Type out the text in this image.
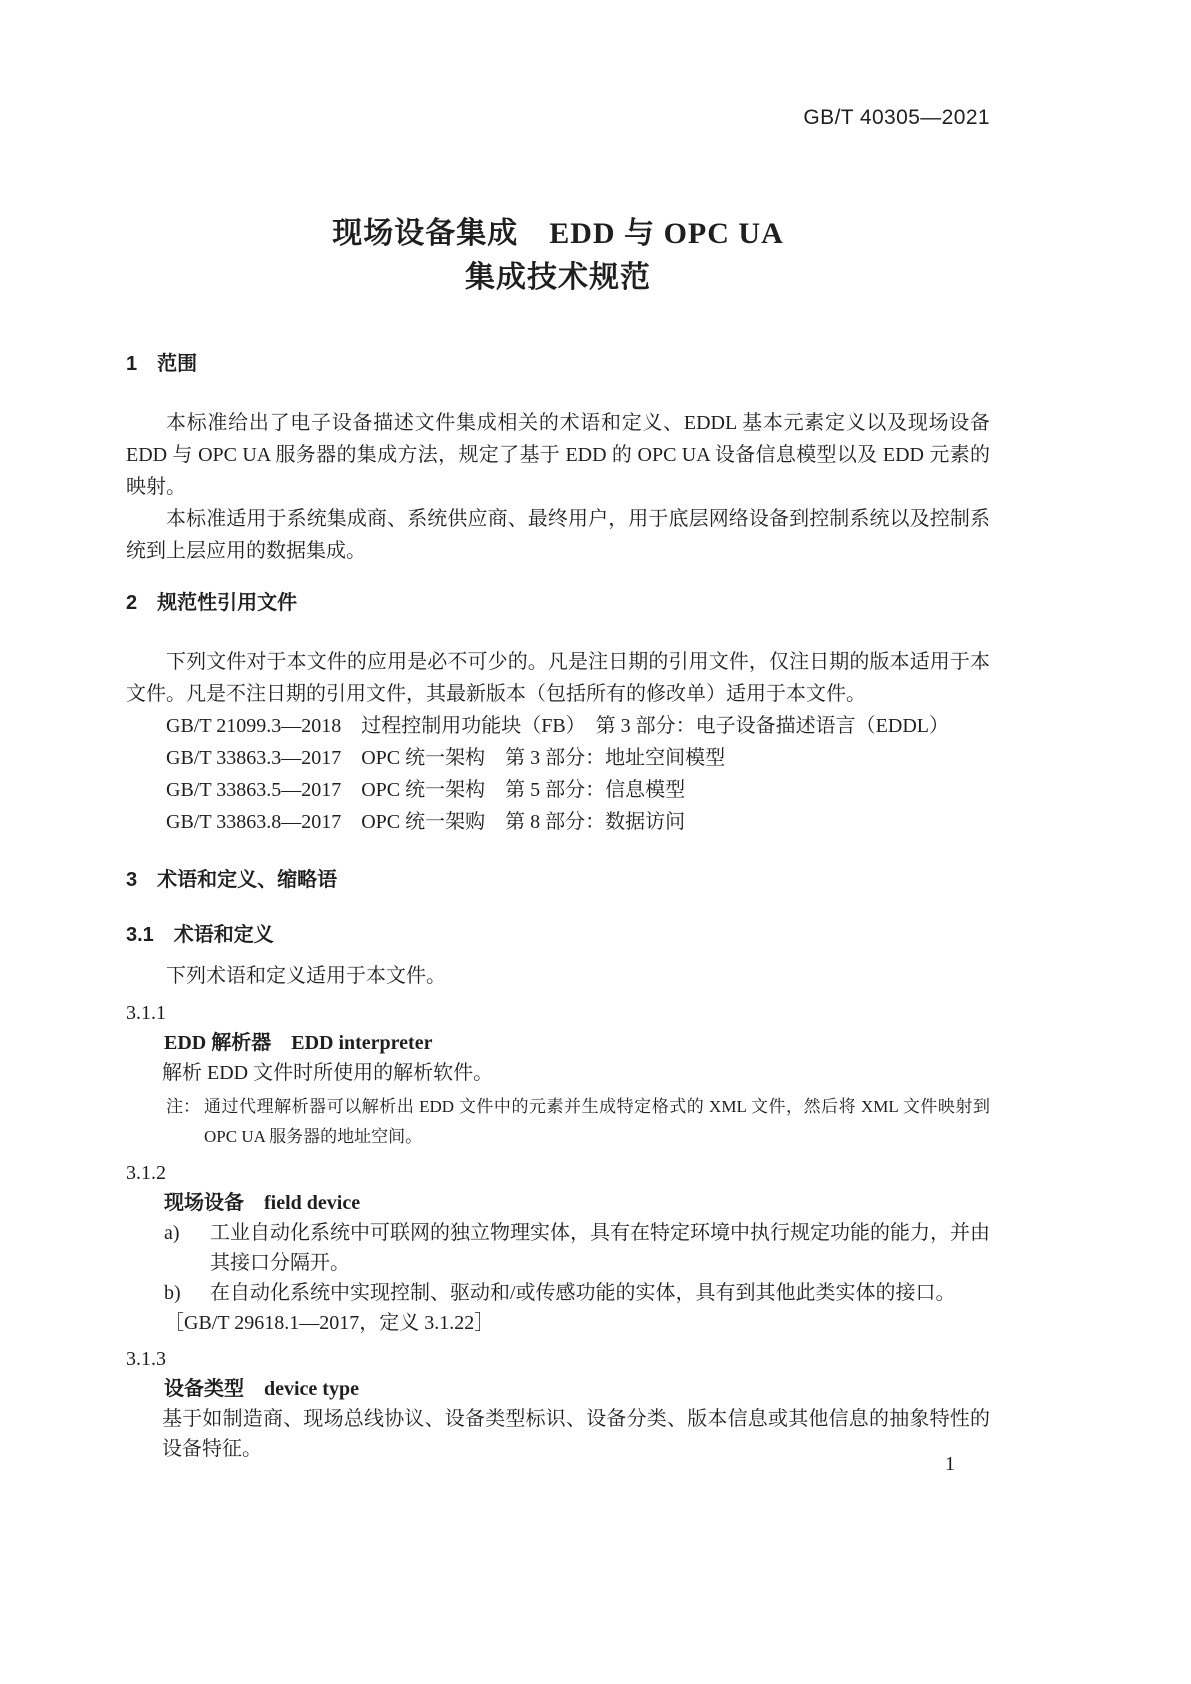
GB/T 40305—2021
现场设备集成　EDD 与 OPC UA
集成技术规范
1　范围

本标准给出了电子设备描述文件集成相关的术语和定义、EDDL 基本元素定义以及现场设备 EDD 与 OPC UA 服务器的集成方法，规定了基于 EDD 的 OPC UA 设备信息模型以及 EDD 元素的映射。

本标准适用于系统集成商、系统供应商、最终用户，用于底层网络设备到控制系统以及控制系统到上层应用的数据集成。

2　规范性引用文件

下列文件对于本文件的应用是必不可少的。凡是注日期的引用文件，仅注日期的版本适用于本文件。凡是不注日期的引用文件，其最新版本（包括所有的修改单）适用于本文件。

GB/T 21099.3—2018　过程控制用功能块（FB）　第 3 部分：电子设备描述语言（EDDL）
GB/T 33863.3—2017　OPC 统一架构　第 3 部分：地址空间模型
GB/T 33863.5—2017　OPC 统一架构　第 5 部分：信息模型
GB/T 33863.8—2017　OPC 统一架购　第 8 部分：数据访问
3　术语和定义、缩略语
3.1　术语和定义

下列术语和定义适用于本文件。

3.1.1
EDD 解析器　EDD interpreter
解析 EDD 文件时所使用的解析软件。
注： 通过代理解析器可以解析出 EDD 文件中的元素并生成特定格式的 XML 文件，然后将 XML 文件映射到 OPC UA 服务器的地址空间。
3.1.2
现场设备　field device
a)	工业自动化系统中可联网的独立物理实体，具有在特定环境中执行规定功能的能力，并由其接口分隔开。
b)	在自动化系统中实现控制、驱动和/或传感功能的实体，具有到其他此类实体的接口。
［GB/T 29618.1—2017，定义 3.1.22］
3.1.3
设备类型　device type
基于如制造商、现场总线协议、设备类型标识、设备分类、版本信息或其他信息的抽象特性的设备特征。
1
